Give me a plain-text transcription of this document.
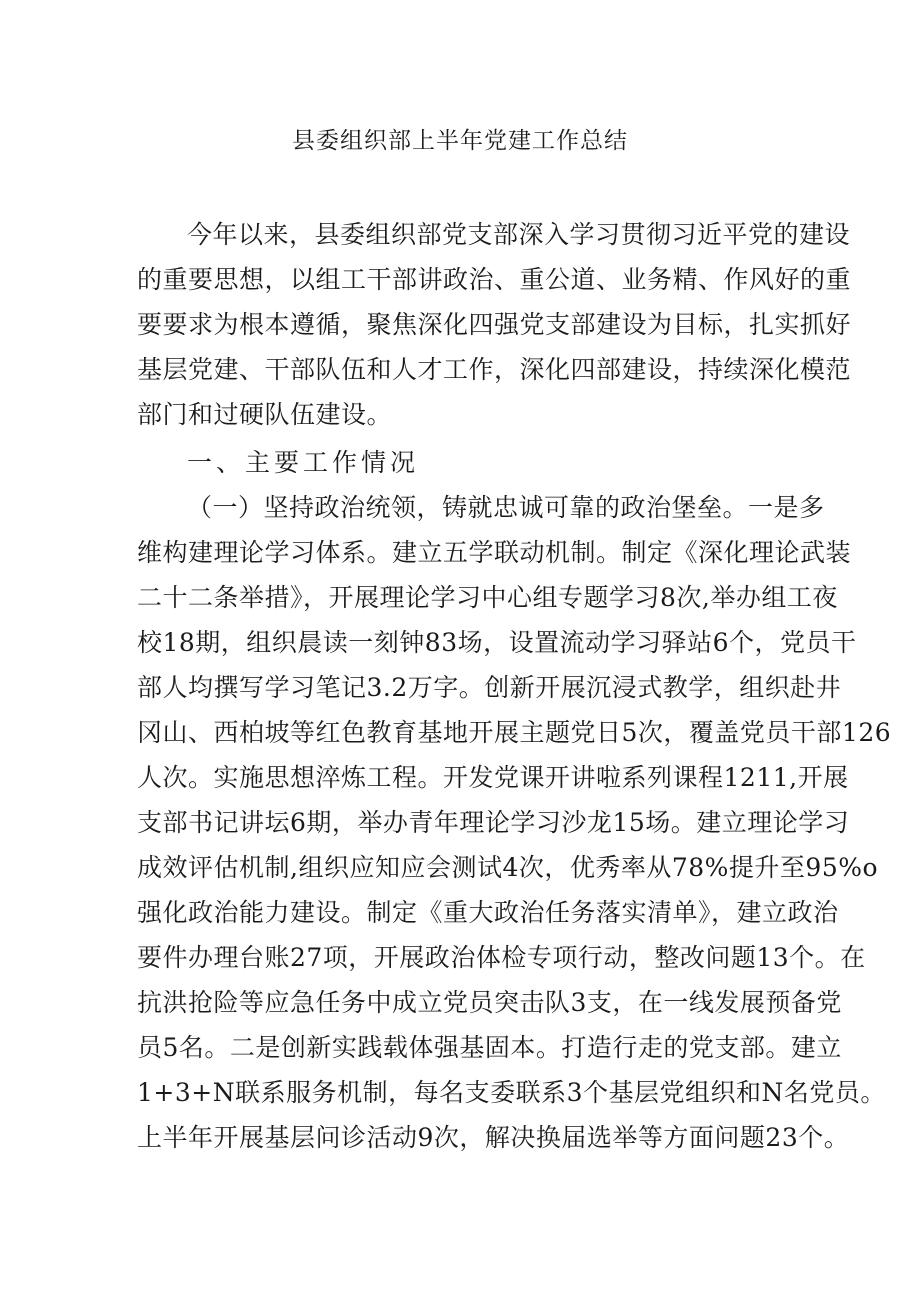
县委组织部上半年党建工作总结

今年以来，县委组织部党支部深入学习贯彻习近平党的建设

的重要思想，以组工干部讲政治、重公道、业务精、作风好的重

要要求为根本遵循，聚焦深化四强党支部建设为目标，扎实抓好

基层党建、干部队伍和人才工作，深化四部建设，持续深化模范

部门和过硬队伍建设。

一、主要工作情况

（一）坚持政治统领，铸就忠诚可靠的政治堡垒。一是多

维构建理论学习体系。建立五学联动机制。制定《深化理论武装

二十二条举措》，开展理论学习中心组专题学习8次,举办组工夜

校18期，组织晨读一刻钟83场，设置流动学习驿站6个，党员干

部人均撰写学习笔记3.2万字。创新开展沉浸式教学，组织赴井

冈山、西柏坡等红色教育基地开展主题党日5次，覆盖党员干部126

人次。实施思想淬炼工程。开发党课开讲啦系列课程1211,开展

支部书记讲坛6期，举办青年理论学习沙龙15场。建立理论学习

成效评估机制,组织应知应会测试4次，优秀率从78%提升至95%o

强化政治能力建设。制定《重大政治任务落实清单》，建立政治

要件办理台账27项，开展政治体检专项行动，整改问题13个。在

抗洪抢险等应急任务中成立党员突击队3支，在一线发展预备党

员5名。二是创新实践载体强基固本。打造行走的党支部。建立

1+3+N联系服务机制，每名支委联系3个基层党组织和N名党员。

上半年开展基层问诊活动9次，解决换届选举等方面问题23个。
